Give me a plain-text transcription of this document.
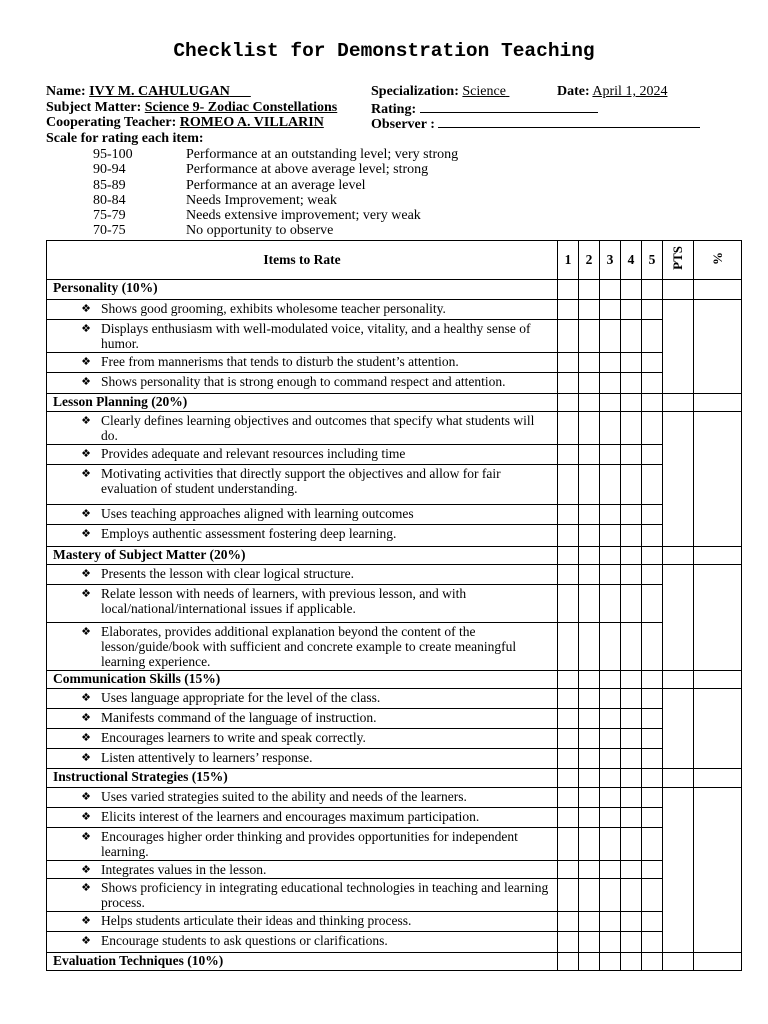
Checklist for Demonstration Teaching
Name: IVY M. CAHULUGAN	Specialization: Science	Date: April 1, 2024
Subject Matter: Science 9- Zodiac Constellations Rating:
Cooperating Teacher: ROMEO A. VILLARIN	Observer :
Scale for rating each item:
95-100	Performance at an outstanding level; very strong
90-94	Performance at above average level; strong
85-89	Performance at an average level
80-84	Needs Improvement; weak
75-79	Needs extensive improvement; very weak
70-75	No opportunity to observe
Items to Rate	1	2	3	4	5	PTS	%
Personality (10%)							

❖ Shows good grooming, exhibits wholesome teacher personality.							

❖ Displays enthusiasm with well-modulated voice, vitality, and a healthy sense of humor.							

❖ Free from mannerisms that tends to disturb the student’s attention.							

❖ Shows personality that is strong enough to command respect and attention.							

Lesson Planning (20%)							

❖ Clearly defines learning objectives and outcomes that specify what students will do.							

❖ Provides adequate and relevant resources including time							

❖ Motivating activities that directly support the objectives and allow for fair evaluation of student understanding.							

❖ Uses teaching approaches aligned with learning outcomes							

❖ Employs authentic assessment fostering deep learning.							

Mastery of Subject Matter (20%)							

❖ Presents the lesson with clear logical structure.							

❖ Relate lesson with needs of learners, with previous lesson, and with local/national/international issues if applicable.							

❖ Elaborates, provides additional explanation beyond the content of the lesson/guide/book with sufficient and concrete example to create meaningful learning experience.							

Communication Skills (15%)							

❖ Uses language appropriate for the level of the class.							

❖ Manifests command of the language of instruction.							

❖ Encourages learners to write and speak correctly.							

❖ Listen attentively to learners’ response.							

Instructional Strategies (15%)							

❖ Uses varied strategies suited to the ability and needs of the learners.							

❖ Elicits interest of the learners and encourages maximum participation.							

❖ Encourages higher order thinking and provides opportunities for independent learning.							

❖ Integrates values in the lesson.							

❖ Shows proficiency in integrating educational technologies in teaching and learning process.							

❖ Helps students articulate their ideas and thinking process.							

❖ Encourage students to ask questions or clarifications.							

Evaluation Techniques (10%)							
